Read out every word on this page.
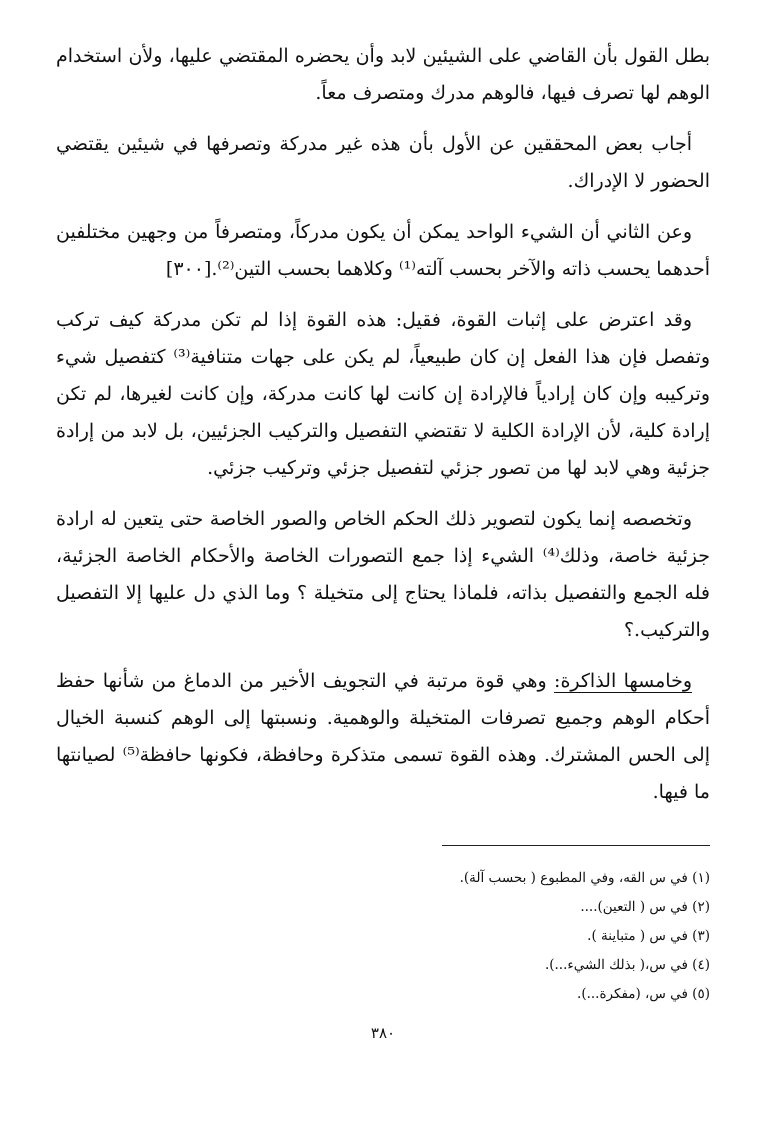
بطل القول بأن القاضي على الشيئين لابد وأن يحضره المقتضي عليها، ولأن استخدام الوهم لها تصرف فيها، فالوهم مدرك ومتصرف معاً.

أجاب بعض المحققين عن الأول بأن هذه غير مدركة وتصرفها في شيئين يقتضي الحضور لا الإدراك.

وعن الثاني أن الشيء الواحد يمكن أن يكون مدركاً، ومتصرفاً من وجهين مختلفين أحدهما يحسب ذاته والآخر بحسب آلته⁽¹⁾ وكلاهما بحسب التين⁽²⁾.[٣٠٠]

وقد اعترض على إثبات القوة، فقيل: هذه القوة إذا لم تكن مدركة كيف تركب وتفصل فإن هذا الفعل إن كان طبيعياً، لم يكن على جهات متنافية⁽³⁾ كتفصيل شيء وتركيبه وإن كان إرادياً فالإرادة إن كانت لها كانت مدركة، وإن كانت لغيرها، لم تكن إرادة كلية، لأن الإرادة الكلية لا تقتضي التفصيل والتركيب الجزئيين، بل لابد من إرادة جزئية وهي لابد لها من تصور جزئي لتفصيل جزئي وتركيب جزئي.

وتخصصه إنما يكون لتصوير ذلك الحكم الخاص والصور الخاصة حتى يتعين له ارادة جزئية خاصة، وذلك⁽⁴⁾ الشيء إذا جمع التصورات الخاصة والأحكام الخاصة الجزئية، فله الجمع والتفصيل بذاته، فلماذا يحتاج إلى متخيلة ؟ وما الذي دل عليها إلا التفصيل والتركيب.؟

وخامسها الذاكرة: وهي قوة مرتبة في التجويف الأخير من الدماغ من شأنها حفظ أحكام الوهم وجميع تصرفات المتخيلة والوهمية. ونسبتها إلى الوهم كنسبة الخيال إلى الحس المشترك. وهذه القوة تسمى متذكرة وحافظة، فكونها حافظة⁽⁵⁾ لصيانتها ما فيها.

(١) في س القه، وفي المطبوع ( بحسب آلة).
(٢) في س ( التعين)....
(٣) في س ( متباينة ).
(٤) في س،( بذلك الشيء...).
(٥) في س، (مفكرة...).
٣٨٠
